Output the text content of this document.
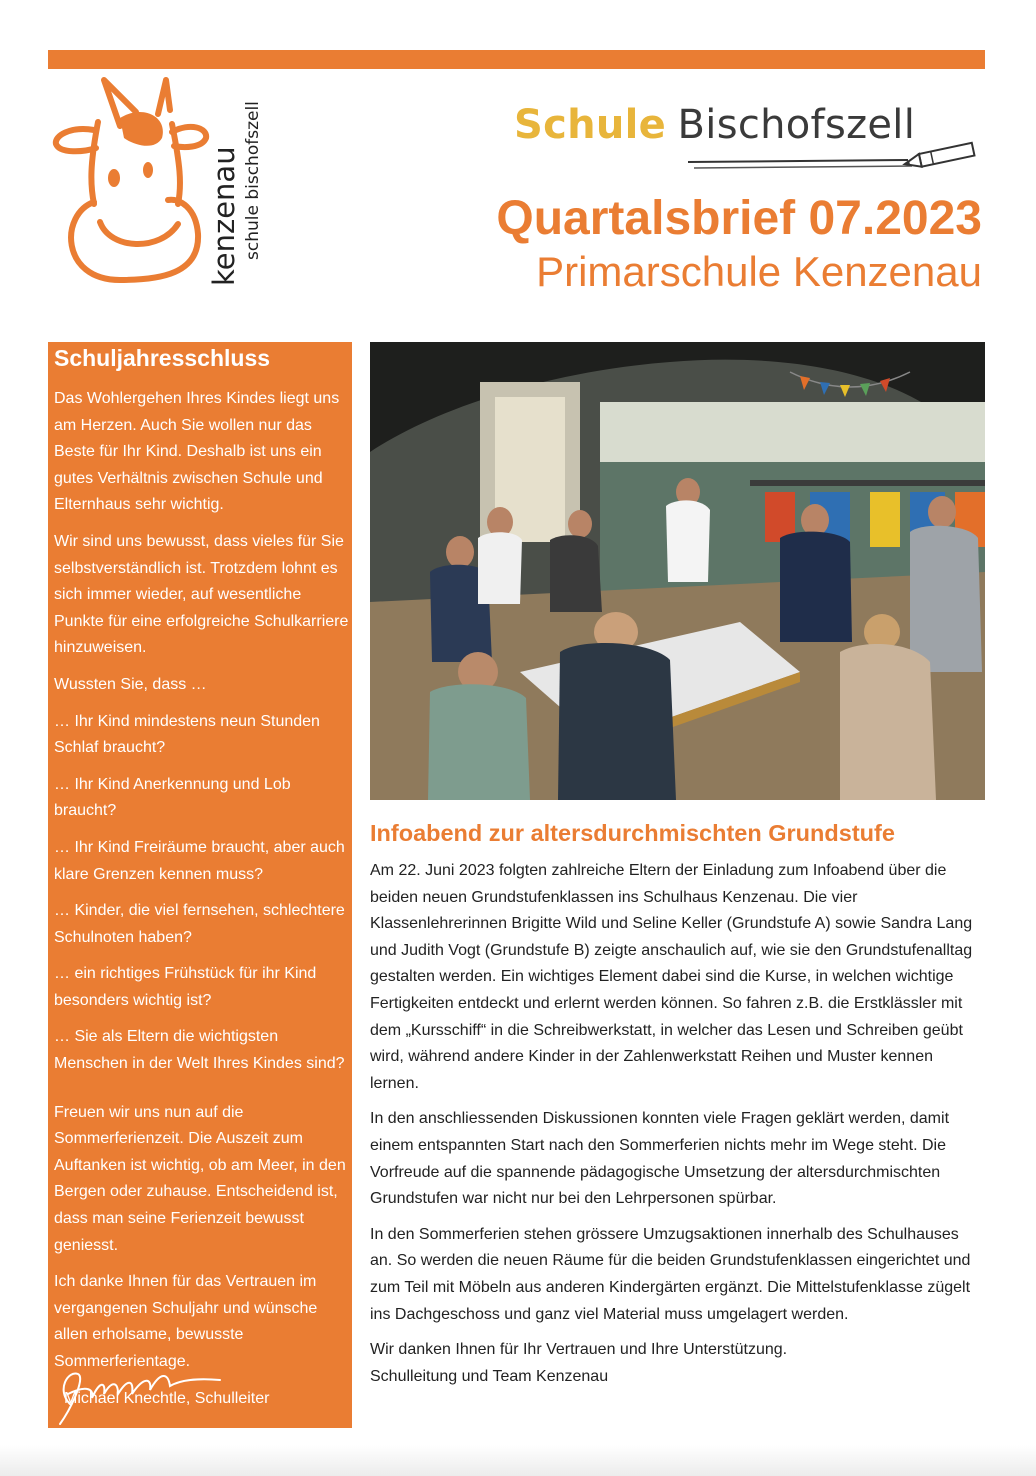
kenzenau schule bischofszell	Schule Bischofszell
Quartalsbrief 07.2023
Primarschule Kenzenau
Schuljahresschluss

Das Wohlergehen Ihres Kindes liegt uns am Herzen. Auch Sie wollen nur das Beste für Ihr Kind. Deshalb ist uns ein gutes Verhältnis zwischen Schule und Elternhaus sehr wichtig.

Wir sind uns bewusst, dass vieles für Sie selbstverständlich ist. Trotzdem lohnt es sich immer wieder, auf wesentliche Punkte für eine erfolgreiche Schulkarriere hinzuweisen.

Wussten Sie, dass …

… Ihr Kind mindestens neun Stunden Schlaf braucht?

… Ihr Kind Anerkennung und Lob braucht?

… Ihr Kind Freiräume braucht, aber auch klare Grenzen kennen muss?

… Kinder, die viel fernsehen, schlechtere Schulnoten haben?

… ein richtiges Frühstück für ihr Kind besonders wichtig ist?

… Sie als Eltern die wichtigsten Menschen in der Welt Ihres Kindes sind?

Freuen wir uns nun auf die Sommerferienzeit. Die Auszeit zum Auftanken ist wichtig, ob am Meer, in den Bergen oder zuhause. Entscheidend ist, dass man seine Ferienzeit bewusst geniesst.

Ich danke Ihnen für das Vertrauen im vergangenen Schuljahr und wünsche allen erholsame, bewusste Sommerferientage.

Michael Knechtle, Schulleiter
Infoabend zur altersdurchmischten Grundstufe

Am 22. Juni 2023 folgten zahlreiche Eltern der Einladung zum Infoabend über die beiden neuen Grundstufenklassen ins Schulhaus Kenzenau. Die vier Klassenlehrerinnen Brigitte Wild und Seline Keller (Grundstufe A) sowie Sandra Lang und Judith Vogt (Grundstufe B) zeigte anschaulich auf, wie sie den Grundstufenalltag gestalten werden. Ein wichtiges Element dabei sind die Kurse, in welchen wichtige Fertigkeiten entdeckt und erlernt werden können. So fahren z.B. die Erstklässler mit dem „Kursschiff“ in die Schreibwerkstatt, in welcher das Lesen und Schreiben geübt wird, während andere Kinder in der Zahlenwerkstatt Reihen und Muster kennen lernen.

In den anschliessenden Diskussionen konnten viele Fragen geklärt werden, damit einem entspannten Start nach den Sommerferien nichts mehr im Wege steht. Die Vorfreude auf die spannende pädagogische Umsetzung der altersdurchmischten Grundstufen war nicht nur bei den Lehrpersonen spürbar.

In den Sommerferien stehen grössere Umzugsaktionen innerhalb des Schulhauses an. So werden die neuen Räume für die beiden Grundstufenklassen eingerichtet und zum Teil mit Möbeln aus anderen Kindergärten ergänzt. Die Mittelstufenklasse zügelt ins Dachgeschoss und ganz viel Material muss umgelagert werden.

Wir danken Ihnen für Ihr Vertrauen und Ihre Unterstützung.

Schulleitung und Team Kenzenau
